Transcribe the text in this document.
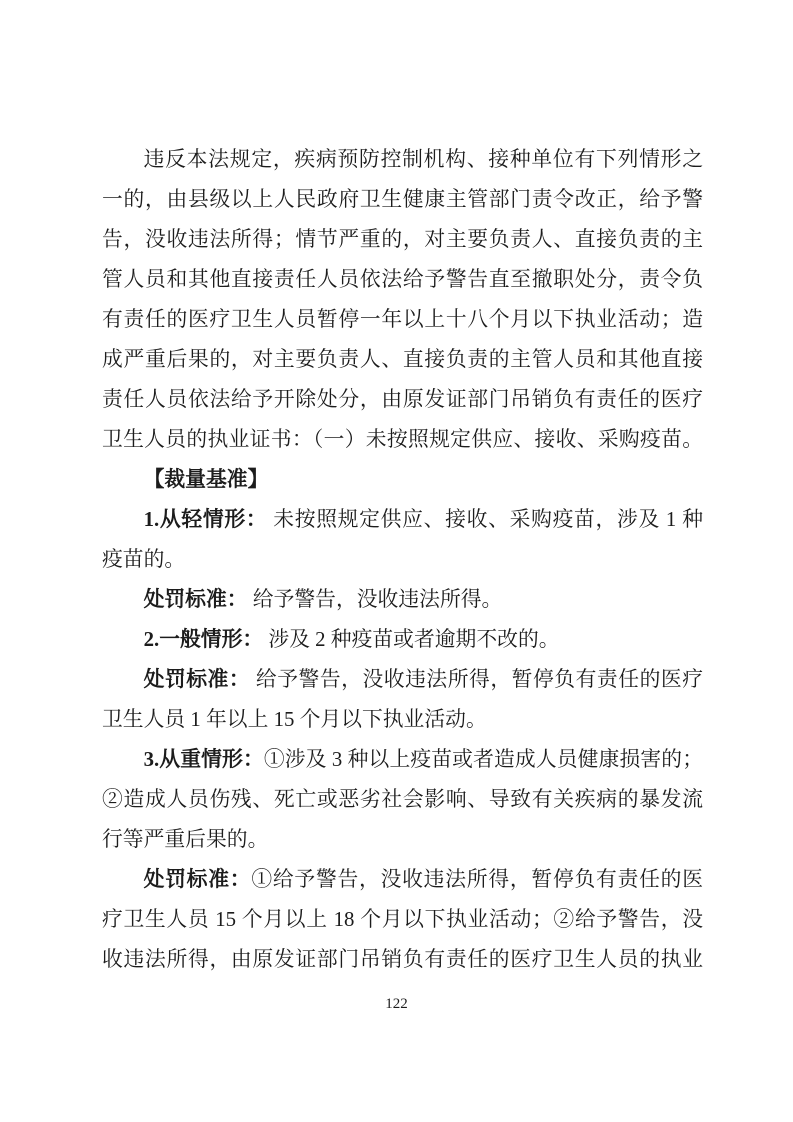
违反本法规定，疾病预防控制机构、接种单位有下列情形之
一的，由县级以上人民政府卫生健康主管部门责令改正，给予警
告，没收违法所得；情节严重的，对主要负责人、直接负责的主
管人员和其他直接责任人员依法给予警告直至撤职处分，责令负
有责任的医疗卫生人员暂停一年以上十八个月以下执业活动；造
成严重后果的，对主要负责人、直接负责的主管人员和其他直接
责任人员依法给予开除处分，由原发证部门吊销负有责任的医疗
卫生人员的执业证书：（一）未按照规定供应、接收、采购疫苗。
【裁量基准】
1.从轻情形： 未按照规定供应、接收、采购疫苗，涉及 1 种
疫苗的。
处罚标准： 给予警告，没收违法所得。
2.一般情形： 涉及 2 种疫苗或者逾期不改的。
处罚标准： 给予警告，没收违法所得，暂停负有责任的医疗
卫生人员 1 年以上 15 个月以下执业活动。
3.从重情形：①涉及 3 种以上疫苗或者造成人员健康损害的；
②造成人员伤残、死亡或恶劣社会影响、导致有关疾病的暴发流
行等严重后果的。
处罚标准：①给予警告，没收违法所得，暂停负有责任的医
疗卫生人员 15 个月以上 18 个月以下执业活动；②给予警告，没
收违法所得，由原发证部门吊销负有责任的医疗卫生人员的执业
122
